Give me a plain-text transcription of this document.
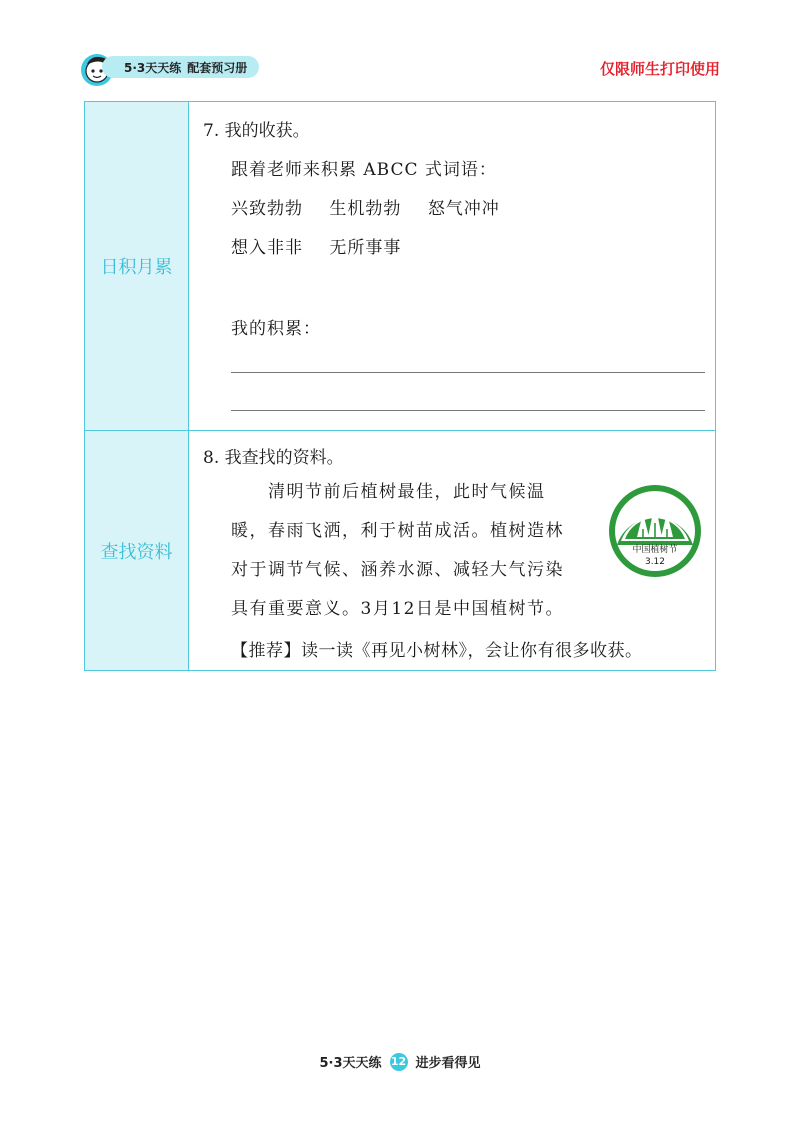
5·3天天练 配套预习册	仅限师生打印使用
日积月累
7. 我的收获。
跟着老师来积累 ABCC 式词语：
兴致勃勃 生机勃勃 怒气冲冲
想入非非 无所事事
我的积累：
查找资料
8. 我查找的资料。
　　清明节前后植树最佳，此时气候温
暖，春雨飞洒，利于树苗成活。植树造林
对于调节气候、涵养水源、减轻大气污染
具有重要意义。3月12日是中国植树节。
【推荐】读一读《再见小树林》，会让你有很多收获。
中国植树节
3.12
5·3天天练 12 进步看得见
